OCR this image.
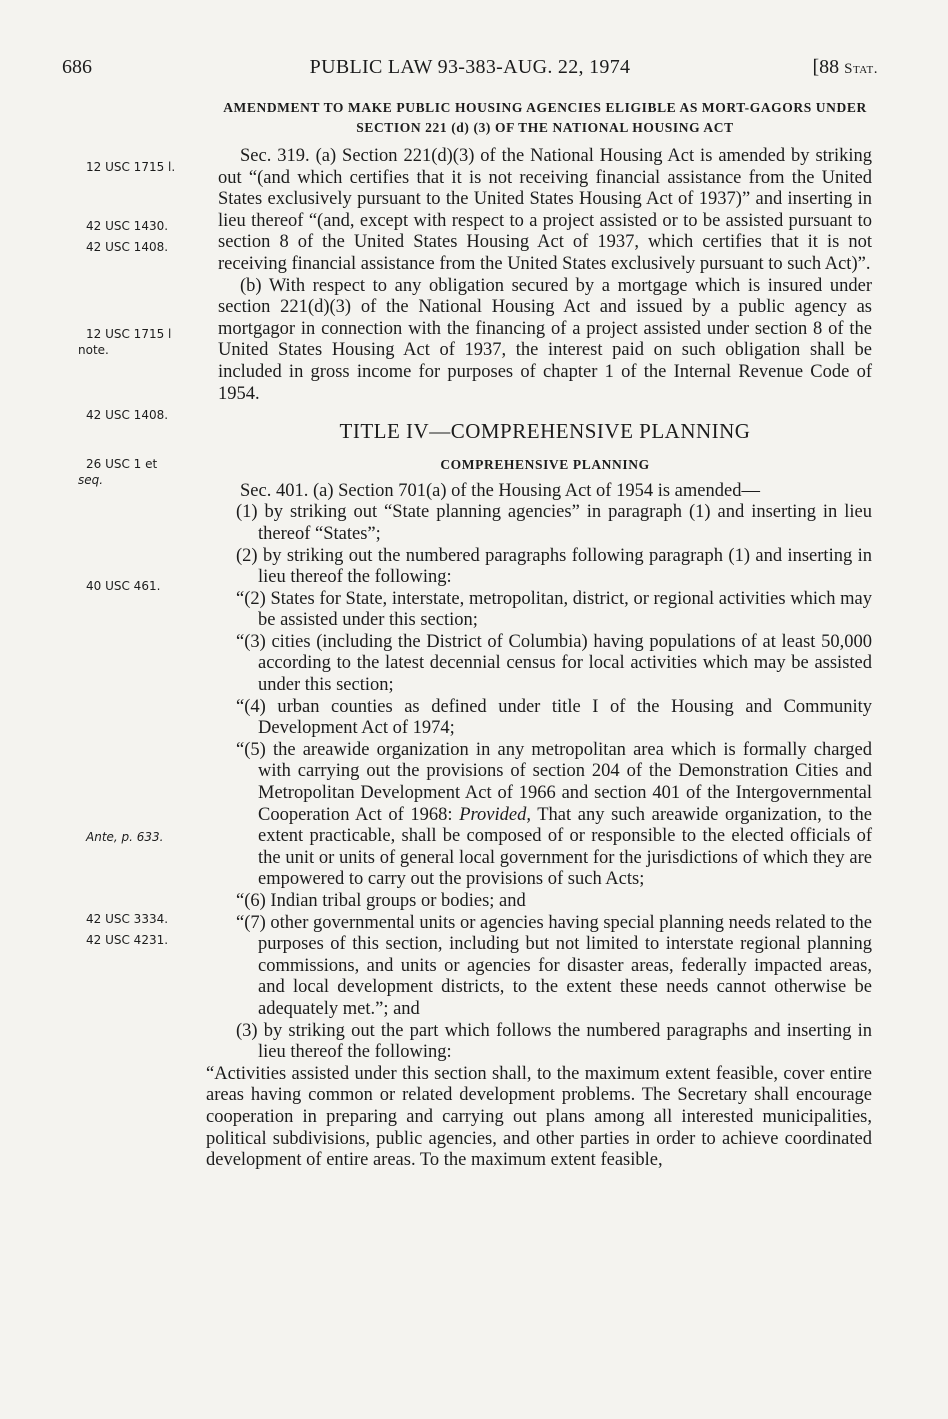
686	PUBLIC LAW 93-383-AUG. 22, 1974	[88 Stat.
12 USC 1715 l.
42 USC 1430.
42 USC 1408.
12 USC 1715 l
note.
42 USC 1408.
26 USC 1 et
seq.
40 USC 461.
Ante, p. 633.
42 USC 3334.
42 USC 4231.
AMENDMENT TO MAKE PUBLIC HOUSING AGENCIES ELIGIBLE AS MORT-GAGORS UNDER SECTION 221 (d) (3) OF THE NATIONAL HOUSING ACT

Sec. 319. (a) Section 221(d)(3) of the National Housing Act is amended by striking out “(and which certifies that it is not receiving financial assistance from the United States exclusively pursuant to the United States Housing Act of 1937)” and inserting in lieu thereof “(and, except with respect to a project assisted or to be assisted pursuant to section 8 of the United States Housing Act of 1937, which certifies that it is not receiving financial assistance from the United States exclusively pursuant to such Act)”.

(b) With respect to any obligation secured by a mortgage which is insured under section 221(d)(3) of the National Housing Act and issued by a public agency as mortgagor in connection with the financing of a project assisted under section 8 of the United States Housing Act of 1937, the interest paid on such obligation shall be included in gross income for purposes of chapter 1 of the Internal Revenue Code of 1954.

TITLE IV—COMPREHENSIVE PLANNING
COMPREHENSIVE PLANNING

Sec. 401. (a) Section 701(a) of the Housing Act of 1954 is amended—

(1) by striking out “State planning agencies” in paragraph (1) and inserting in lieu thereof “States”;

(2) by striking out the numbered paragraphs following paragraph (1) and inserting in lieu thereof the following:

“(2) States for State, interstate, metropolitan, district, or regional activities which may be assisted under this section;

“(3) cities (including the District of Columbia) having populations of at least 50,000 according to the latest decennial census for local activities which may be assisted under this section;

“(4) urban counties as defined under title I of the Housing and Community Development Act of 1974;

“(5) the areawide organization in any metropolitan area which is formally charged with carrying out the provisions of section 204 of the Demonstration Cities and Metropolitan Development Act of 1966 and section 401 of the Intergovernmental Cooperation Act of 1968: Provided, That any such areawide organization, to the extent practicable, shall be composed of or responsible to the elected officials of the unit or units of general local government for the jurisdictions of which they are empowered to carry out the provisions of such Acts;

“(6) Indian tribal groups or bodies; and

“(7) other governmental units or agencies having special planning needs related to the purposes of this section, including but not limited to interstate regional planning commissions, and units or agencies for disaster areas, federally impacted areas, and local development districts, to the extent these needs cannot otherwise be adequately met.”; and

(3) by striking out the part which follows the numbered paragraphs and inserting in lieu thereof the following:

“Activities assisted under this section shall, to the maximum extent feasible, cover entire areas having common or related development problems. The Secretary shall encourage cooperation in preparing and carrying out plans among all interested municipalities, political subdivisions, public agencies, and other parties in order to achieve coordinated development of entire areas. To the maximum extent feasible,
